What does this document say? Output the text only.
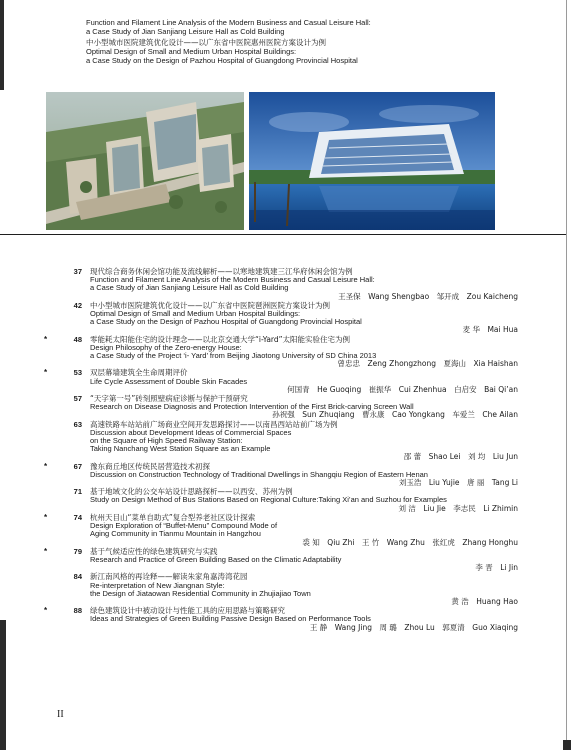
Function and Filament Line Analysis of the Modern Business and Casual Leisure Hall:
a Case Study of Jian Sanjiang Leisure Hall as Cold Building
中小型城市医院建筑优化设计——以广东省中医院惠州医院方案设计为例
Optimal Design of Small and Medium Urban Hospital Buildings:
a Case Study on the Design of Pazhou Hospital of Guangdong Provincial Hospital
37 现代综合商务休闲会馆功能及流线解析——以寒地建筑建三江华府休闲会馆为例
Function and Filament Line Analysis of the Modern Business and Casual Leisure Hall:
a Case Study of Jian Sanjiang Leisure Hall as Cold Building
王圣保　Wang Shengbao　邹开成　Zou Kaicheng
42 中小型城市医院建筑优化设计——以广东省中医院琶洲医院方案设计为例
Optimal Design of Small and Medium Urban Hospital Buildings:
a Case Study on the Design of Pazhou Hospital of Guangdong Provincial Hospital
麦 华　Mai Hua
*	48 零能耗太阳能住宅的设计理念——以北京交通大学“i-Yard”太阳能实验住宅为例
Design Philosophy of the Zero-energy House:
a Case Study of the Project ‘i- Yard’ from Beijing Jiaotong University of SD China 2013
曾忠忠　Zeng Zhongzhong　夏海山　Xia Haishan
*	53 双层幕墙建筑全生命周期评价
Life Cycle Assessment of Double Skin Facades
何国青　He Guoqing　崔振华　Cui Zhenhua　白启安　Bai Qi’an
57 “天字第一号”砖刻照壁病症诊断与保护干预研究
Research on Disease Diagnosis and Protection Intervention of the First Brick-carving Screen Wall
孙祝强　Sun Zhuqiang　曹永康　Cao Yongkang　车爱兰　Che Ailan
63 高速铁路车站站前广场商业空间开发思路探讨——以南昌西站站前广场为例
Discussion about Development Ideas of Commercial Spaces
on the Square of High Speed Railway Station:
Taking Nanchang West Station Square as an Example
邵 蕾　Shao Lei　刘 均　Liu Jun
*	67 豫东商丘地区传统民居营造技术初探
Discussion on Construction Technology of Traditional Dwellings in Shangqiu Region of Eastern Henan
刘玉浩　Liu Yujie　唐 丽　Tang Li
71 基于地域文化的公交车站设计思路探析——以西安、苏州为例
Study on Design Method of Bus Stations Based on Regional Culture:Taking Xi’an and Suzhou for Examples
刘 洁　Liu Jie　李志民　Li Zhimin
*	74 杭州天目山“菜单自助式”复合型养老社区设计探索
Design Exploration of “Buffet-Menu” Compound Mode of
Aging Community in Tianmu Mountain in Hangzhou
裘 知　Qiu Zhi　王 竹　Wang Zhu　张红虎　Zhang Honghu
*	79 基于气候适应性的绿色建筑研究与实践
Research and Practice of Green Building Based on the Climatic Adaptability
李 晋　Li Jin
84 新江南风格的再诠释——解读朱家角嘉涛湾花园
Re-interpretation of New Jiangnan Style:
the Design of Jiataowan Residential Community in Zhujiajiao Town
黄 浩　Huang Hao
*	88 绿色建筑设计中被动设计与性能工具的应用思路与策略研究
Ideas and Strategies of Green Building Passive Design Based on Performance Tools
王 静　Wang Jing　周 璐　Zhou Lu　郭夏清　Guo Xiaqing
II
